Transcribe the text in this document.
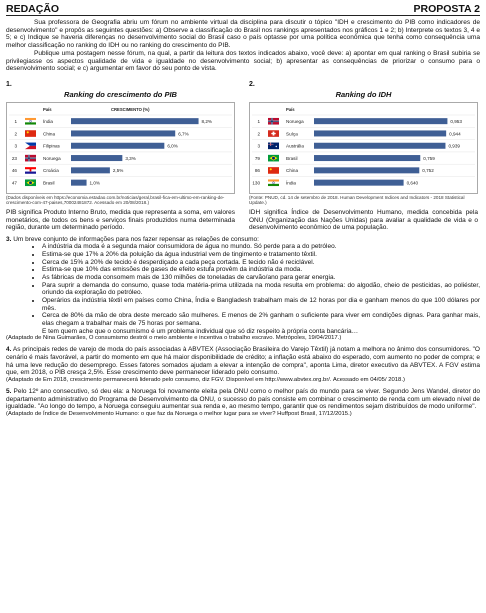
REDAÇÃO	PROPOSTA 2

Sua professora de Geografia abriu um fórum no ambiente virtual da disciplina para discutir o tópico "IDH e crescimento do PIB como indicadores de desenvolvimento" e propôs as seguintes questões: a) Observe a classificação do Brasil nos rankings apresentados nos gráficos 1 e 2; b) Interprete os textos 3, 4 e 5; e c) Indique se haveria diferenças no desenvolvimento social do Brasil caso o país optasse por uma política econômica que tenha como consequência uma melhor classificação no ranking do IDH ou no ranking do crescimento do PIB.

Publique uma postagem nesse fórum, na qual, a partir da leitura dos textos indicados abaixo, você deve: a) apontar em qual ranking o Brasil subiria se privilegiasse os aspectos qualidade de vida e igualdade no desenvolvimento social; b) apresentar as consequências de priorizar o consumo para o desenvolvimento social; e c) argumentar em favor do seu ponto de vista.

1.
Ranking do crescimento do PIB
País	CRESCIMENTO (%)
1	Índia	8,2%
2	China	6,7%
3	Filipinas	6,0%
23	Noruega	3,3%
46	Croácia	2,5%
47	Brasil	1,0%
(Dados disponíveis em https://economia.estadao.com.br/noticias/geral,brasil-fica-em-ultimo-em-ranking-de-crescimento-com-47-paises,70002481872. Acessado em 20/08/2018.)
PIB significa Produto Interno Bruto, medida que representa a soma, em valores monetários, de todos os bens e serviços finais produzidos numa determinada região, durante um determinado período.
2.
Ranking do IDH
País
1	Noruega	0,953
2	Suíça	0,944
3	Austrália	0,939
79	Brasil	0,759
86	China	0,752
130	Índia	0,640
(Fonte: PNUD, cd. 14 de setembro de 2018. Human Development Indices and Indicators - 2018 Statistical Update.)
IDH significa Índice de Desenvolvimento Humano, medida concebida pela ONU (Organização das Nações Unidas) para avaliar a qualidade de vida e o desenvolvimento econômico de uma população.

3. Um breve conjunto de informações para nos fazer repensar as relações de consumo:

• A indústria da moda é a segunda maior consumidora de água no mundo. Só perde para a do petróleo.
• Estima-se que 17% a 20% da poluição da água industrial vem de tingimento e tratamento têxtil.
• Cerca de 15% a 20% de tecido é desperdiçado a cada peça cortada. E tecido não é reciclável.
• Estima-se que 10% das emissões de gases de efeito estufa provêm da indústria da moda.
• As fábricas de moda consomem mais de 130 milhões de toneladas de carvão/ano para gerar energia.
• Para suprir a demanda do consumo, quase toda matéria-prima utilizada na moda resulta em problema: do algodão, cheio de pesticidas, ao poliéster, oriundo da exploração do petróleo.
• Operários da indústria têxtil em países como China, Índia e Bangladesh trabalham mais de 12 horas por dia e ganham menos do que 100 dólares por mês.
• Cerca de 80% da mão de obra deste mercado são mulheres. E menos de 2% ganham o suficiente para viver em condições dignas. Para ganhar mais, elas chegam a trabalhar mais de 75 horas por semana.

E tem quem ache que o consumismo é um problema individual que só diz respeito à própria conta bancária…

(Adaptado de Nina Guimarães, O consumismo destrói o meio ambiente e incentiva o trabalho escravo. Metrópoles, 19/04/2017.)

4. As principais redes de varejo de moda do país associadas à ABVTEX (Associação Brasileira do Varejo Têxtil) já notam a melhora no ânimo dos consumidores. "O cenário é mais favorável, a partir do momento em que há maior disponibilidade de crédito; a inflação está abaixo do esperado, com aumento no poder de compra; e há uma leve redução do desemprego. Esses fatores somados ajudam a elevar a intenção de compra", aponta Lima, diretor executivo da ABVTEX. A FGV estima que, em 2018, o PIB cresça 2,5%. Esse crescimento deve permanecer liderado pelo consumo.

(Adaptado de Em 2018, crescimento permanecerá liderado pelo consumo, diz FGV. Disponível em http://www.abvtex.org.br/. Acessado em 04/05/ 2018.)

5. Pelo 12º ano consecutivo, só deu ela: a Noruega foi novamente eleita pela ONU como o melhor país do mundo para se viver. Segundo Jens Wandel, diretor do departamento administrativo do Programa de Desenvolvimento da ONU, o sucesso do país consiste em combinar o crescimento de renda com um elevado nível de igualdade. "Ao longo do tempo, a Noruega conseguiu aumentar sua renda e, ao mesmo tempo, garantir que os rendimentos sejam distribuídos de modo uniforme".

(Adaptado de Índice de Desenvolvimento Humano: o que faz da Noruega o melhor lugar para se viver? Huffpost Brasil, 17/12/2015.)
